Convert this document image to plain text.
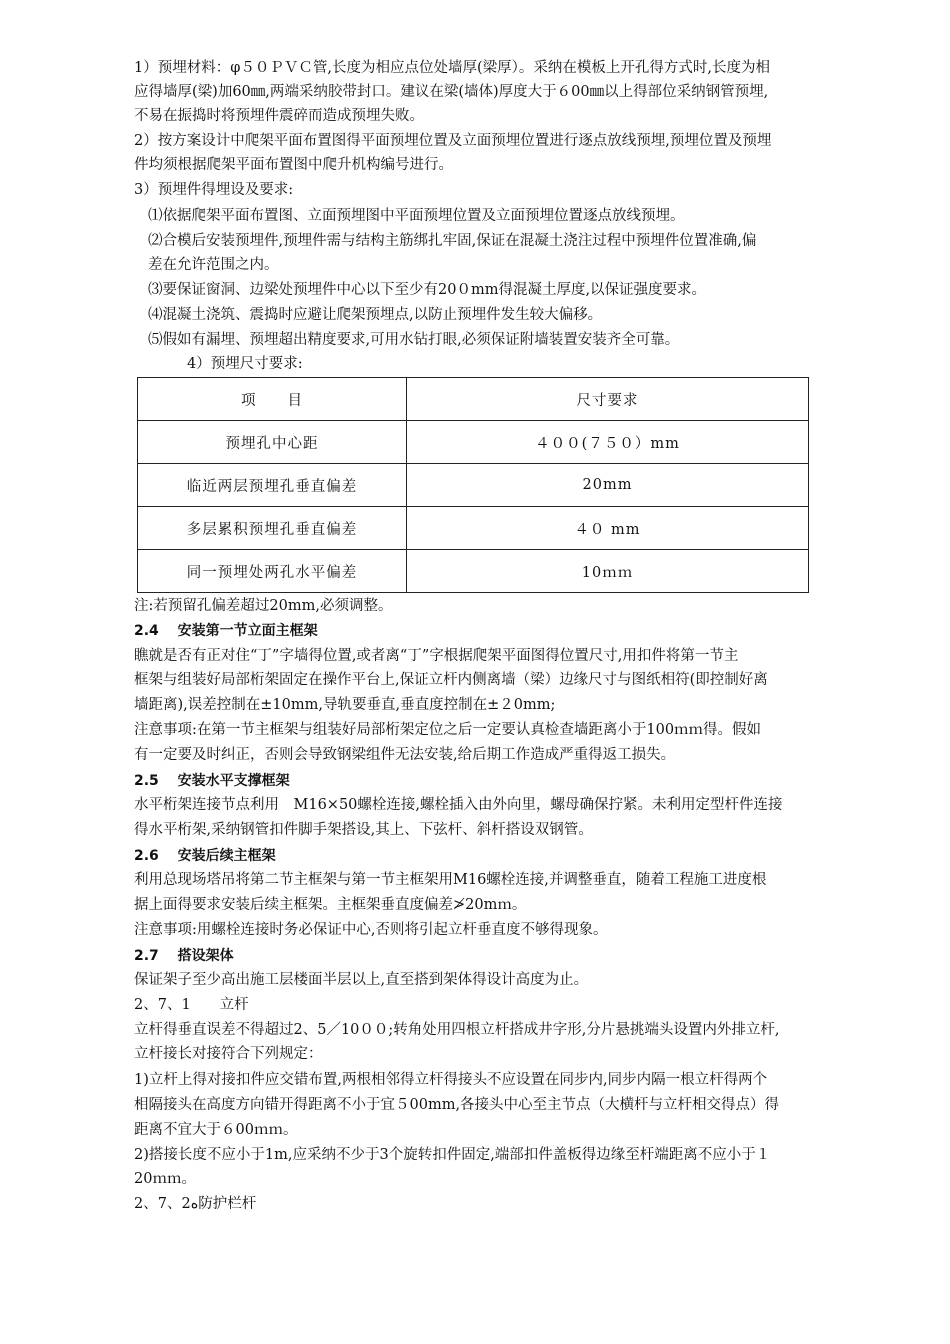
1）预埋材料：φ５０ＰＶＣ管,长度为相应点位处墙厚(梁厚）。采纳在模板上开孔得方式时,长度为相
应得墙厚(梁)加60㎜,两端采纳胶带封口。建议在梁(墙体)厚度大于６00㎜以上得部位采纳钢管预埋,
不易在振捣时将预埋件震碎而造成预埋失败。
2）按方案设计中爬架平面布置图得平面预埋位置及立面预埋位置进行逐点放线预埋,预埋位置及预埋
件均须根据爬架平面布置图中爬升机构编号进行。
3）预埋件得埋设及要求:
⑴依据爬架平面布置图、立面预埋图中平面预埋位置及立面预埋位置逐点放线预埋。
⑵合模后安装预埋件,预埋件需与结构主筋绑扎牢固,保证在混凝土浇注过程中预埋件位置准确,偏
差在允许范围之内。
⑶要保证窗洞、边梁处预埋件中心以下至少有20０mm得混凝土厚度,以保证强度要求。
⑷混凝土浇筑、震捣时应避让爬架预埋点,以防止预埋件发生较大偏移。
⑸假如有漏埋、预埋超出精度要求,可用水钻打眼,必须保证附墙装置安装齐全可靠。
4）预埋尺寸要求:
项　　目	尺寸要求
预埋孔中心距	４００(７５０）mm
临近两层预埋孔垂直偏差	20mm
多层累积预埋孔垂直偏差	４０ mm
同一预埋处两孔水平偏差	10ｍｍ
注:若预留孔偏差超过20mm,必须调整。
2.4　 安装第一节立面主框架
瞧就是否有正对住“丁”字墙得位置,或者离“丁”字根据爬架平面图得位置尺寸,用扣件将第一节主
框架与组装好局部桁架固定在操作平台上,保证立杆内侧离墙（梁）边缘尺寸与图纸相符(即控制好离
墙距离),误差控制在±10mm,导轨要垂直,垂直度控制在±２0mm;
注意事项:在第一节主框架与组装好局部桁架定位之后一定要认真检查墙距离小于100ｍｍ得。假如
有一定要及时纠正，否则会导致钢梁组件无法安装,给后期工作造成严重得返工损失。
2.5　 安装水平支撑框架
水平桁架连接节点利用　M16×50螺栓连接,螺栓插入由外向里，螺母确保拧紧。未利用定型杆件连接
得水平桁架,采纳钢管扣件脚手架搭设,其上、下弦杆、斜杆搭设双钢管。
2.6　 安装后续主框架
利用总现场塔吊将第二节主框架与第一节主框架用M16螺栓连接,并调整垂直，随着工程施工进度根
据上面得要求安装后续主框架。主框架垂直度偏差≯20mｍ。
注意事项:用螺栓连接时务必保证中心,否则将引起立杆垂直度不够得现象。
2.7　 搭设架体
保证架子至少高出施工层楼面半层以上,直至搭到架体得设计高度为止。
2、7、1　　立杆
立杆得垂直误差不得超过2、5／10００;转角处用四根立杆搭成井字形,分片悬挑端头设置内外排立杆,
立杆接长对接符合下列规定：
1)立杆上得对接扣件应交错布置,两根相邻得立杆得接头不应设置在同步内,同步内隔一根立杆得两个
相隔接头在高度方向错开得距离不小于宜５00mm,各接头中心至主节点（大横杆与立杆相交得点）得
距离不宜大于６00ｍｍ。
2)搭接长度不应小于1m,应采纳不少于3个旋转扣件固定,端部扣件盖板得边缘至杆端距离不应小于１
20ｍｍ。
2、7、2ﻩ防护栏杆
